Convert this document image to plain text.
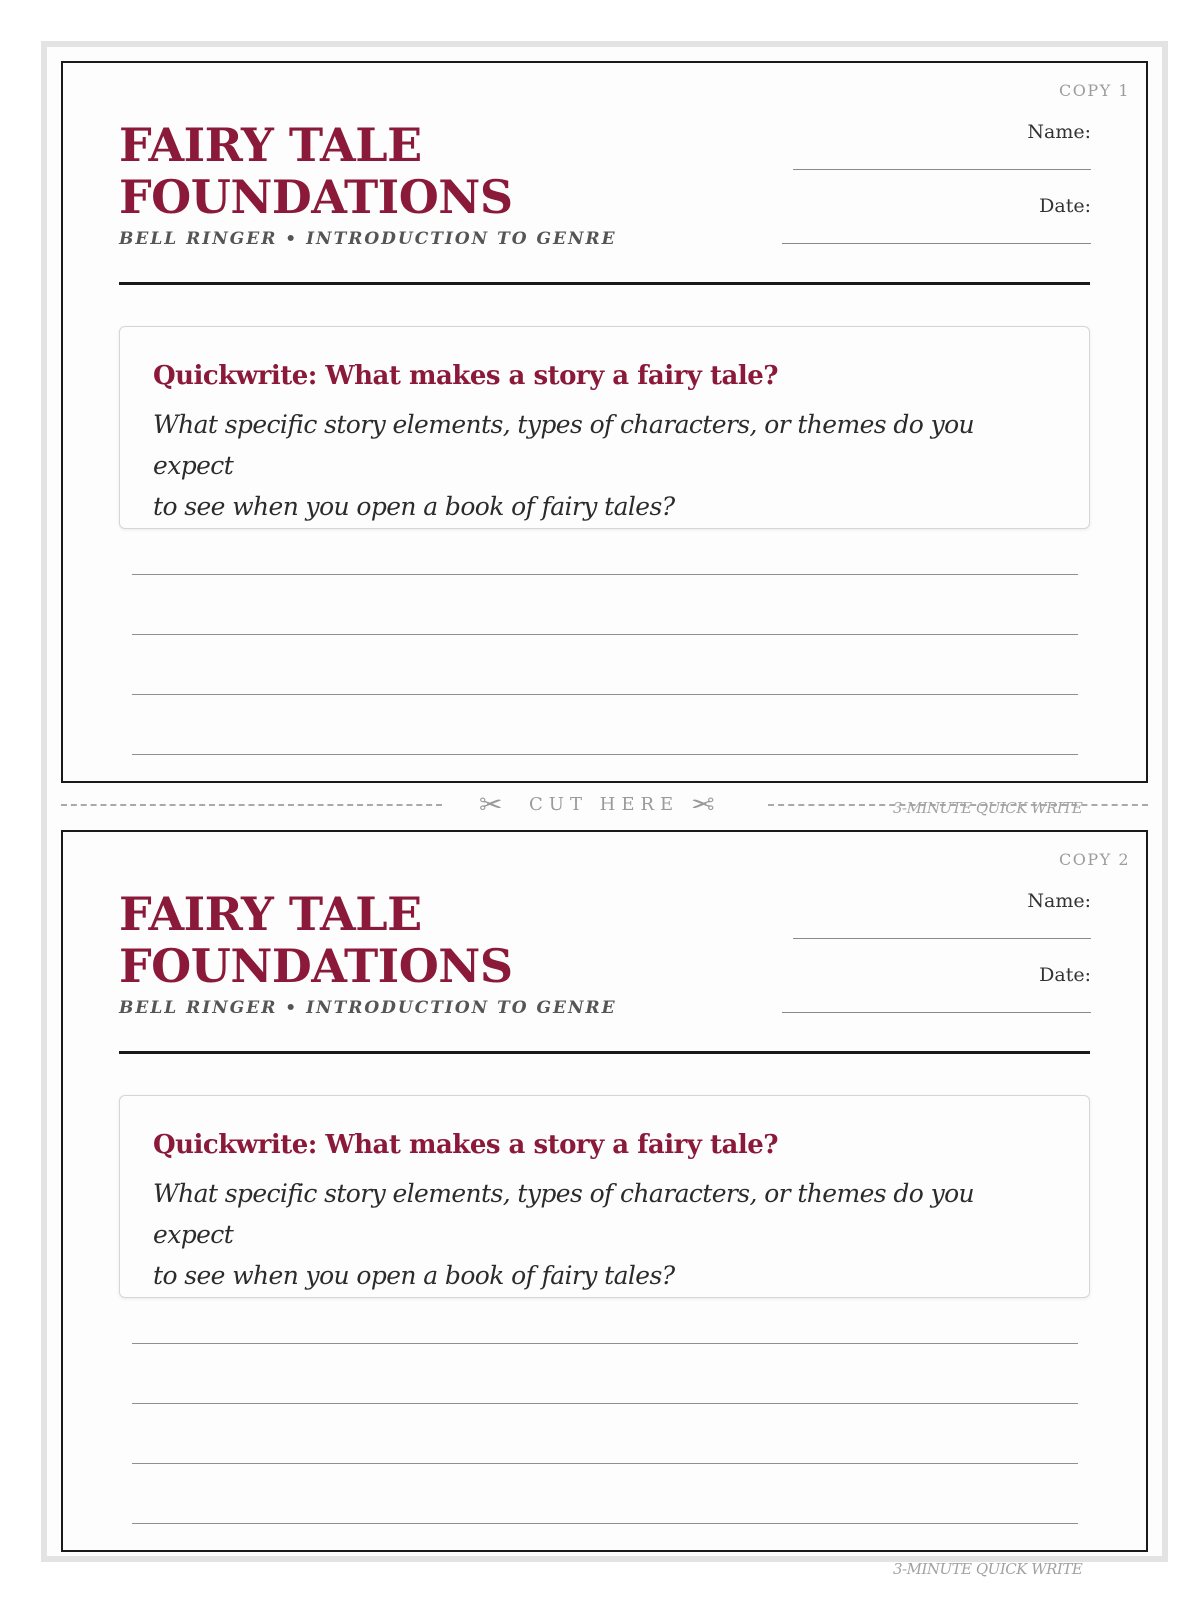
COPY 1
FAIRY TALE
FOUNDATIONS
BELL RINGER • INTRODUCTION TO GENRE
Name:
Date:
Quickwrite: What makes a story a fairy tale?

What specific story elements, types of characters, or themes do you expect
to see when you open a book of fairy tales?

✂ CUT HERE ✂	3-MINUTE QUICK WRITE
COPY 2
FAIRY TALE
FOUNDATIONS
BELL RINGER • INTRODUCTION TO GENRE
Name:
Date:
Quickwrite: What makes a story a fairy tale?

What specific story elements, types of characters, or themes do you expect
to see when you open a book of fairy tales?

3-MINUTE QUICK WRITE
